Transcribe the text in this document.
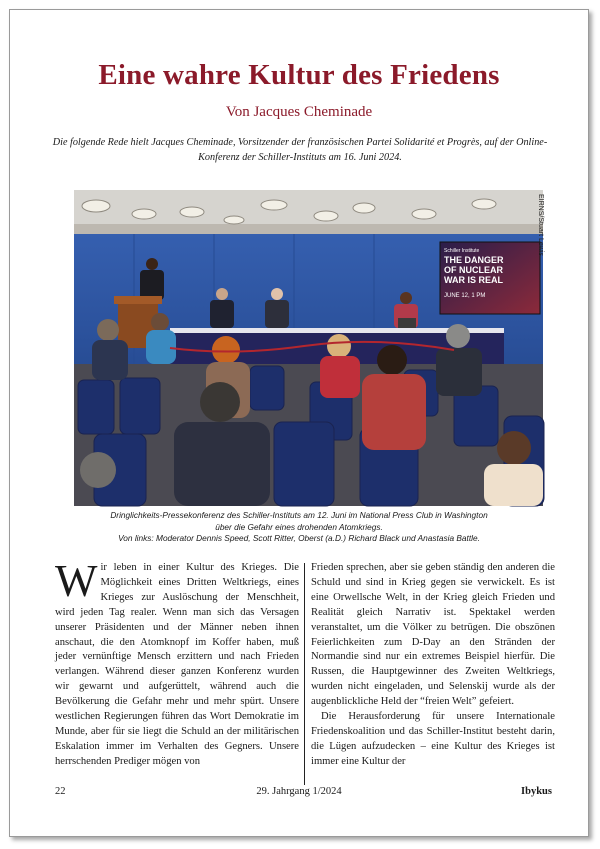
Eine wahre Kultur des Friedens
Von Jacques Cheminade
Die folgende Rede hielt Jacques Cheminade, Vorsitzender der französischen Partei Solidarité et Progrès, auf der Online-Konferenz der Schiller-Instituts am 16. Juni 2024.
Schiller Institute
THE DANGER
OF NUCLEAR
WAR IS REAL
JUNE 12, 1 PM
EIRNS/Stuart Lewis
Dringlichkeits-Pressekonferenz des Schiller-Instituts am 12. Juni im National Press Club in Washington
über die Gefahr eines drohenden Atomkriegs.
Von links: Moderator Dennis Speed, Scott Ritter, Oberst (a.D.) Richard Black und Anastasia Battle.

Wir leben in einer Kultur des Krieges. Die Möglichkeit eines Dritten Weltkriegs, eines Krieges zur Auslöschung der Menschheit, wird jeden Tag realer. Wenn man sich das Versagen unserer Präsidenten und der Männer neben ihnen anschaut, die den Atomknopf im Koffer haben, muß jeder vernünftige Mensch erzittern und nach Frieden verlangen. Während dieser ganzen Konferenz wurden wir gewarnt und aufgerüttelt, während auch die Bevölkerung die Gefahr mehr und mehr spürt. Unsere westlichen Regierungen führen das Wort Demokratie im Munde, aber für sie liegt die Schuld an der militärischen Eskalation immer im Verhalten des Gegners. Unsere herrschenden Prediger mögen von

Frieden sprechen, aber sie geben ständig den anderen die Schuld und sind in Krieg gegen sie verwickelt. Es ist eine Orwellsche Welt, in der Krieg gleich Frieden und Realität gleich Narrativ ist. Spektakel werden veranstaltet, um die Völker zu betrügen. Die obszönen Feierlichkeiten zum D-Day an den Stränden der Normandie sind nur ein extremes Beispiel hierfür. Die Russen, die Hauptgewinner des Zweiten Weltkriegs, wurden nicht eingeladen, und Selenskij wurde als der augenblickliche Held der “freien Welt” gefeiert.

Die Herausforderung für unsere Internationale Friedenskoalition und das Schiller-Institut besteht darin, die Lügen aufzudecken – eine Kultur des Krieges ist immer eine Kultur der

29. Jahrgang 1/2024
22	Ibykus
